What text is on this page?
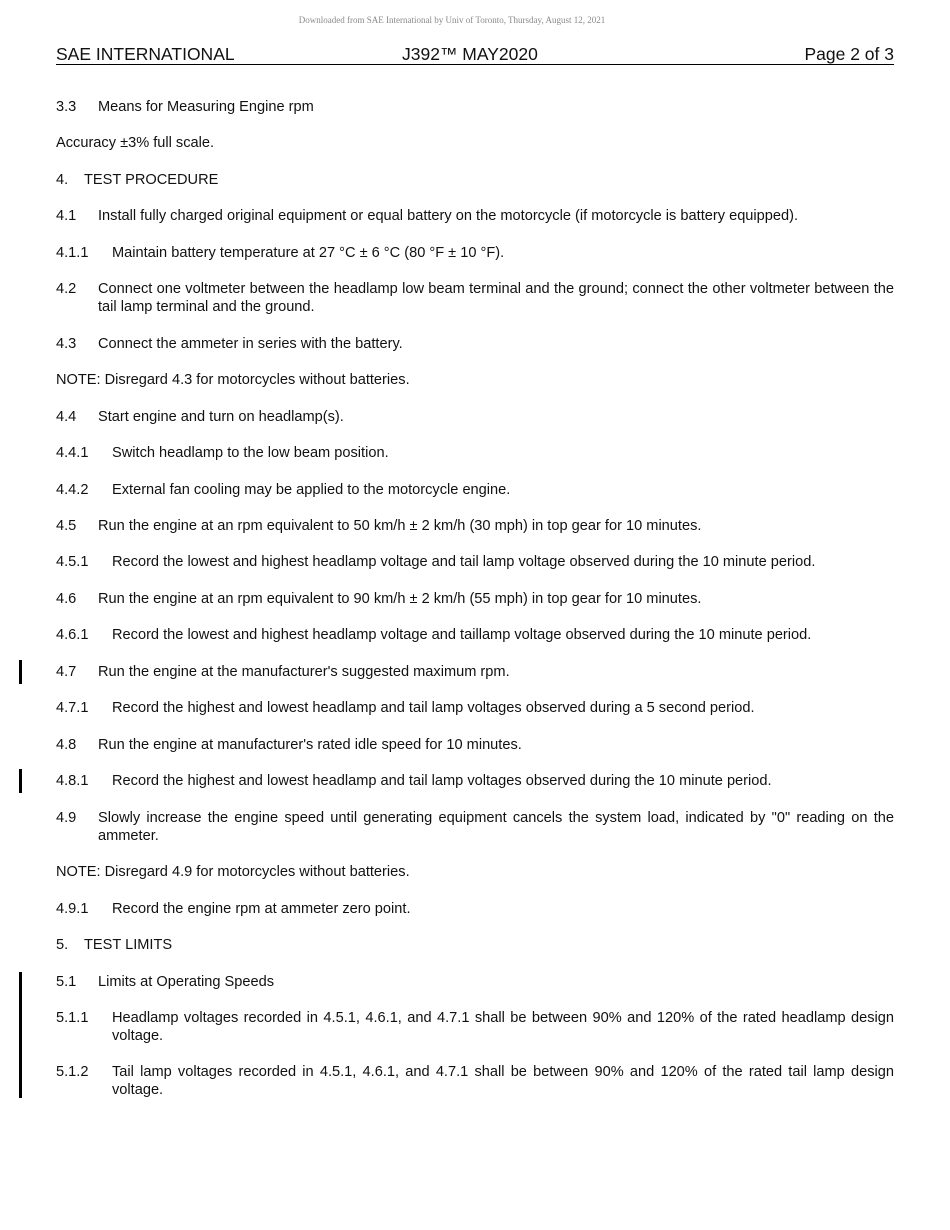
Downloaded from SAE International by Univ of Toronto, Thursday, August 12, 2021
SAE INTERNATIONAL	J392™ MAY2020	Page 2 of 3
3.3 Means for Measuring Engine rpm
Accuracy ±3% full scale.
4. TEST PROCEDURE
4.1 Install fully charged original equipment or equal battery on the motorcycle (if motorcycle is battery equipped).
4.1.1 Maintain battery temperature at 27 °C ± 6 °C (80 °F ± 10 °F).
4.2 Connect one voltmeter between the headlamp low beam terminal and the ground; connect the other voltmeter between the tail lamp terminal and the ground.
4.3 Connect the ammeter in series with the battery.
NOTE: Disregard 4.3 for motorcycles without batteries.
4.4 Start engine and turn on headlamp(s).
4.4.1 Switch headlamp to the low beam position.
4.4.2 External fan cooling may be applied to the motorcycle engine.
4.5 Run the engine at an rpm equivalent to 50 km/h ± 2 km/h (30 mph) in top gear for 10 minutes.
4.5.1 Record the lowest and highest headlamp voltage and tail lamp voltage observed during the 10 minute period.
4.6 Run the engine at an rpm equivalent to 90 km/h ± 2 km/h (55 mph) in top gear for 10 minutes.
4.6.1 Record the lowest and highest headlamp voltage and taillamp voltage observed during the 10 minute period.
4.7 Run the engine at the manufacturer's suggested maximum rpm.
4.7.1 Record the highest and lowest headlamp and tail lamp voltages observed during a 5 second period.
4.8 Run the engine at manufacturer's rated idle speed for 10 minutes.
4.8.1 Record the highest and lowest headlamp and tail lamp voltages observed during the 10 minute period.
4.9 Slowly increase the engine speed until generating equipment cancels the system load, indicated by "0" reading on the ammeter.
NOTE: Disregard 4.9 for motorcycles without batteries.
4.9.1 Record the engine rpm at ammeter zero point.
5. TEST LIMITS
5.1 Limits at Operating Speeds
5.1.1 Headlamp voltages recorded in 4.5.1, 4.6.1, and 4.7.1 shall be between 90% and 120% of the rated headlamp design voltage.
5.1.2 Tail lamp voltages recorded in 4.5.1, 4.6.1, and 4.7.1 shall be between 90% and 120% of the rated tail lamp design voltage.
